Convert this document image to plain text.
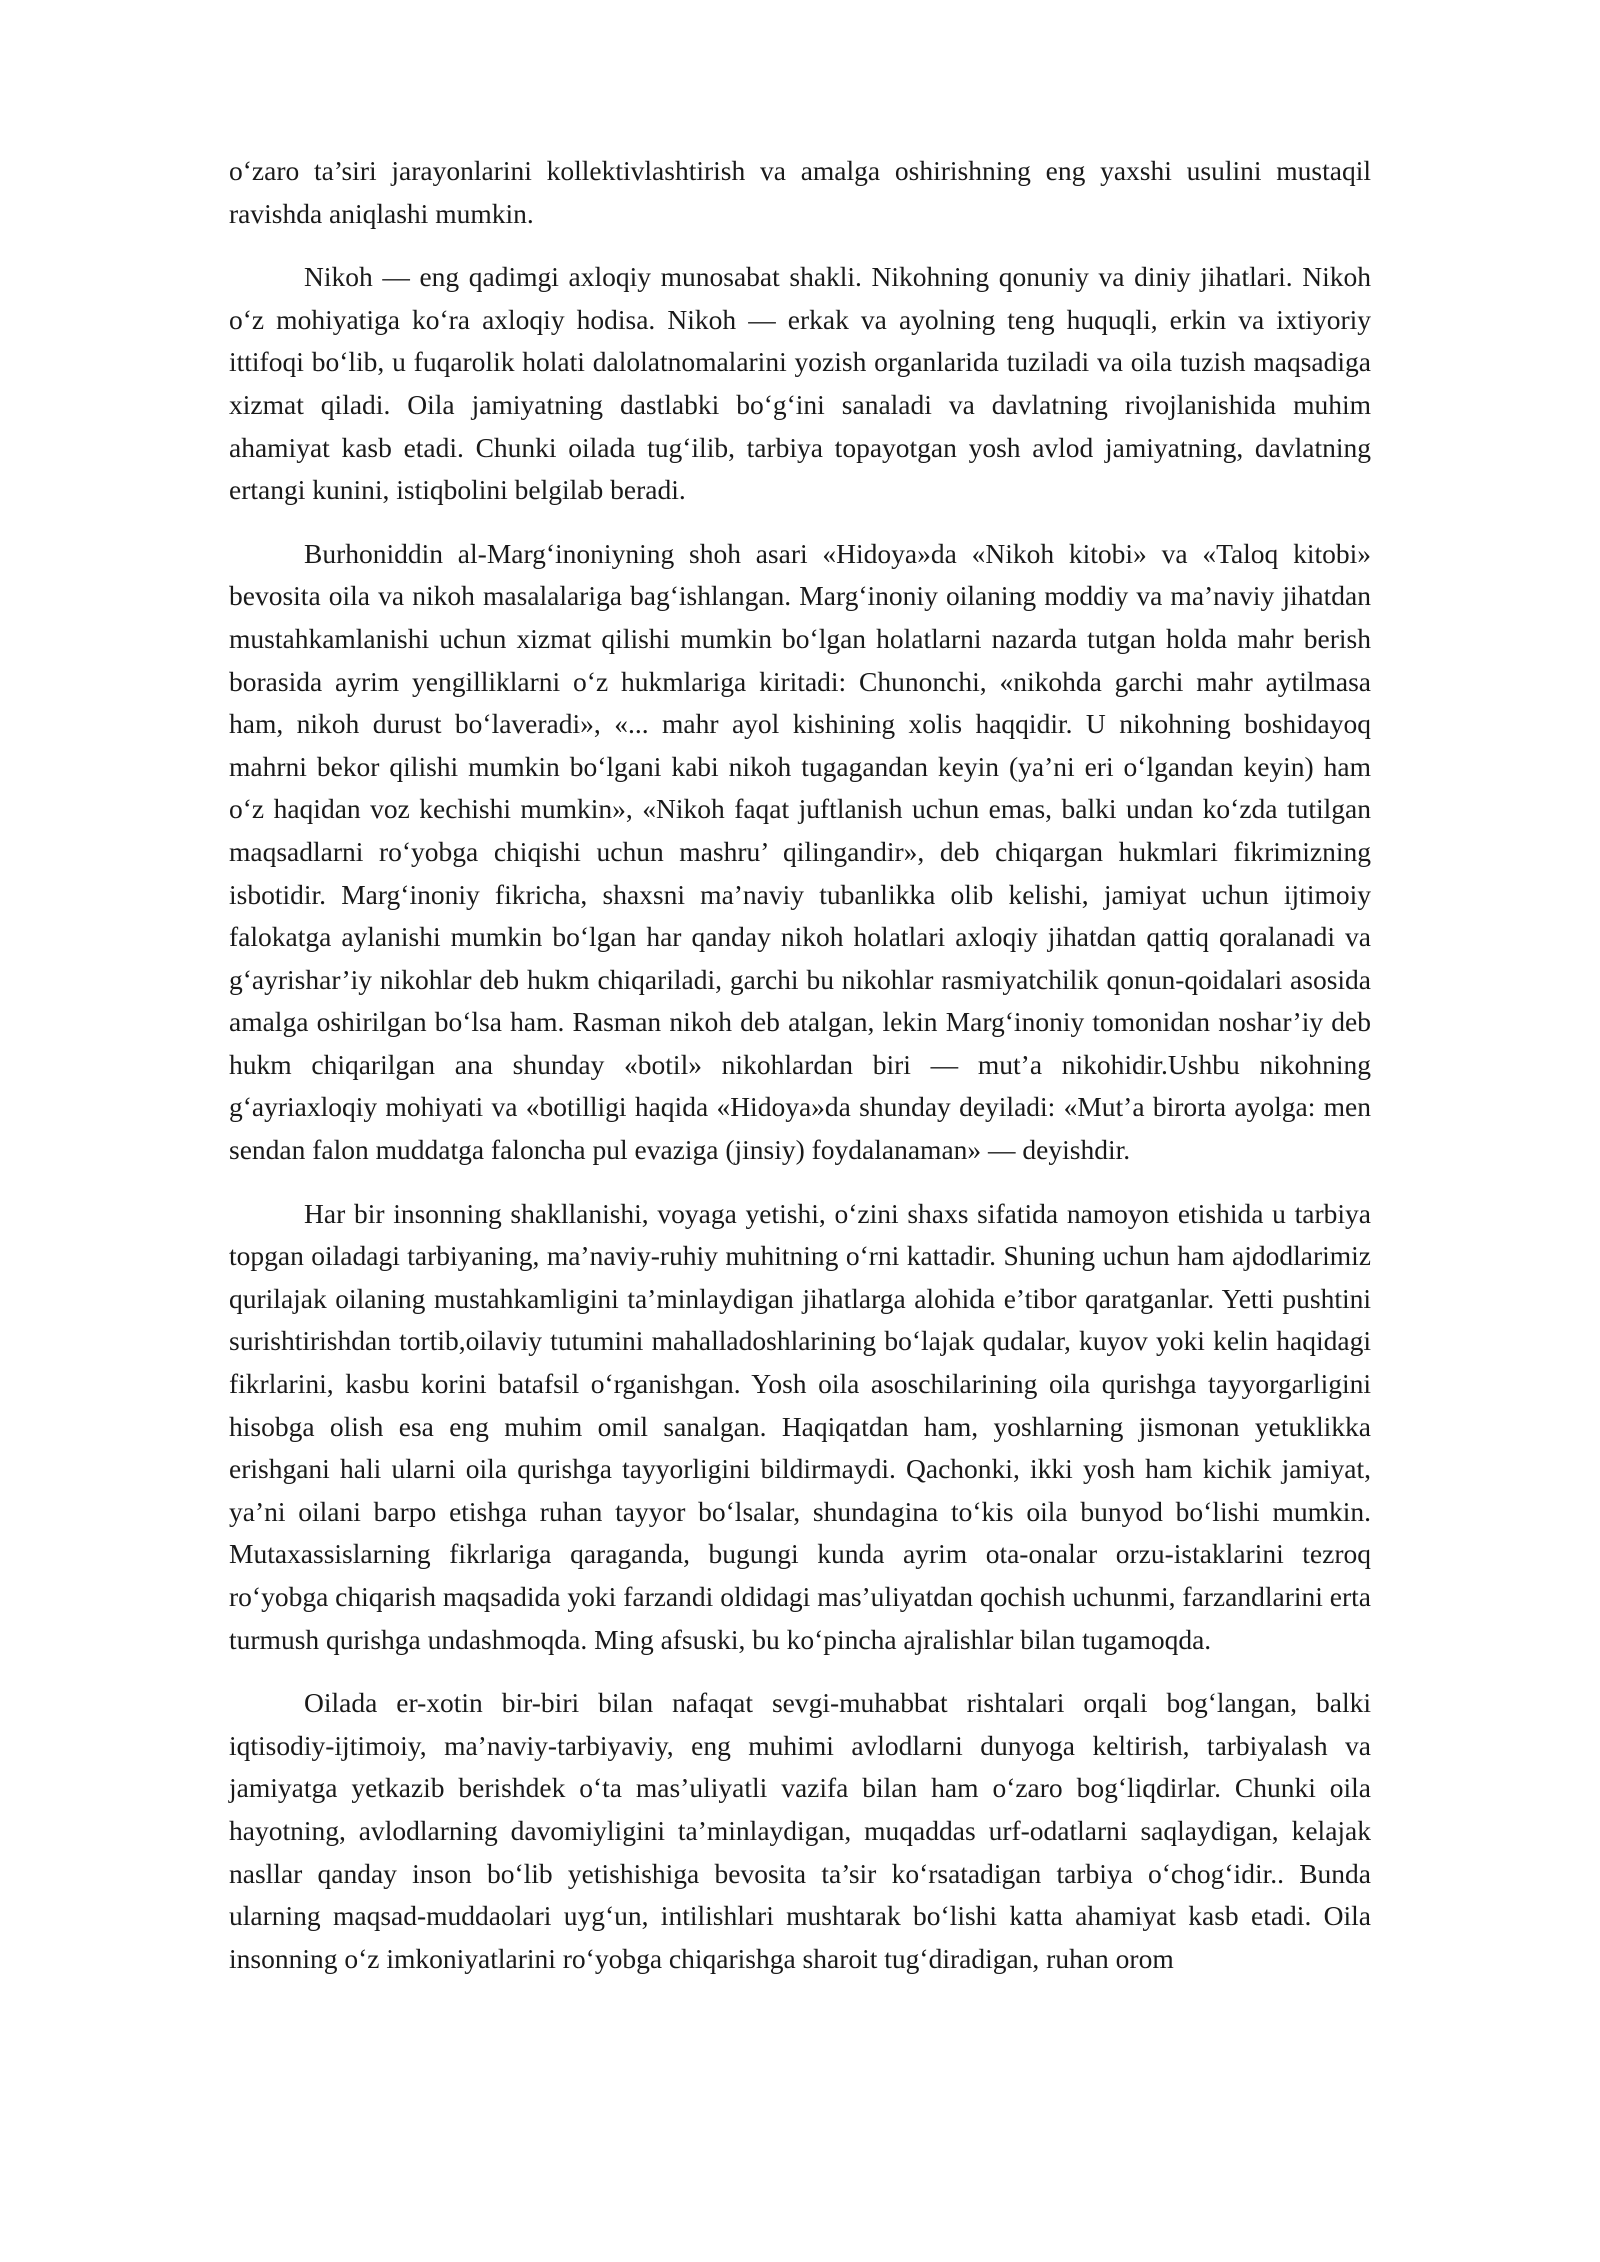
o‘zaro ta’siri jarayonlarini kollektivlashtirish va amalga oshirishning eng yaxshi usulini mustaqil ravishda aniqlashi mumkin.

Nikoh — eng qadimgi axloqiy munosabat shakli. Nikohning qonuniy va diniy jihatlari. Nikoh o‘z mohiyatiga ko‘ra axloqiy hodisa. Nikoh — erkak va ayolning teng huquqli, erkin va ixtiyoriy ittifoqi bo‘lib, u fuqarolik holati dalolatnomalarini yozish organlarida tuziladi va oila tuzish maqsadiga xizmat qiladi. Oila jamiyatning dastlabki bo‘g‘ini sanaladi va davlatning rivojlanishida muhim ahamiyat kasb etadi. Chunki oilada tug‘ilib, tarbiya topayotgan yosh avlod jamiyatning, davlatning ertangi kunini, istiqbolini belgilab beradi.

Burhoniddin al-Marg‘inoniyning shoh asari «Hidoya»da «Nikoh kitobi» va «Taloq kitobi» bevosita oila va nikoh masalalariga bag‘ishlangan. Marg‘inoniy oilaning moddiy va ma’naviy jihatdan mustahkamlanishi uchun xizmat qilishi mumkin bo‘lgan holatlarni nazarda tutgan holda mahr berish borasida ayrim yengilliklarni o‘z hukmlariga kiritadi: Chunonchi, «nikohda garchi mahr aytilmasa ham, nikoh durust bo‘laveradi», «... mahr ayol kishining xolis haqqidir. U nikohning boshidayoq mahrni bekor qilishi mumkin bo‘lgani kabi nikoh tugagandan keyin (ya’ni eri o‘lgandan keyin) ham o‘z haqidan voz kechishi mumkin», «Nikoh faqat juftlanish uchun emas, balki undan ko‘zda tutilgan maqsadlarni ro‘yobga chiqishi uchun mashru’ qilingandir», deb chiqargan hukmlari fikrimizning isbotidir. Marg‘inoniy fikricha, shaxsni ma’naviy tubanlikka olib kelishi, jamiyat uchun ijtimoiy falokatga aylanishi mumkin bo‘lgan har qanday nikoh holatlari axloqiy jihatdan qattiq qoralanadi va g‘ayrishar’iy nikohlar deb hukm chiqariladi, garchi bu nikohlar rasmiyatchilik qonun-qoidalari asosida amalga oshirilgan bo‘lsa ham. Rasman nikoh deb atalgan, lekin Marg‘inoniy tomonidan noshar’iy deb hukm chiqarilgan ana shunday «botil» nikohlardan biri — mut’a nikohidir.Ushbu nikohning g‘ayriaxloqiy mohiyati va «botilligi haqida «Hidoya»da shunday deyiladi: «Mut’a birorta ayolga: men sendan falon muddatga faloncha pul evaziga (jinsiy) foydalanaman» — deyishdir.

Har bir insonning shakllanishi, voyaga yetishi, o‘zini shaxs sifatida namoyon etishida u tarbiya topgan oiladagi tarbiyaning, ma’naviy-ruhiy muhitning o‘rni kattadir. Shuning uchun ham ajdodlarimiz qurilajak oilaning mustahkamligini ta’minlaydigan jihatlarga alohida e’tibor qaratganlar. Yetti pushtini surishtirishdan tortib,oilaviy tutumini mahalladoshlarining bo‘lajak qudalar, kuyov yoki kelin haqidagi fikrlarini, kasbu korini batafsil o‘rganishgan. Yosh oila asoschilarining oila qurishga tayyorgarligini hisobga olish esa eng muhim omil sanalgan. Haqiqatdan ham, yoshlarning jismonan yetuklikka erishgani hali ularni oila qurishga tayyorligini bildirmaydi. Qachonki, ikki yosh ham kichik jamiyat, ya’ni oilani barpo etishga ruhan tayyor bo‘lsalar, shundagina to‘kis oila bunyod bo‘lishi mumkin. Mutaxassislarning fikrlariga qaraganda, bugungi kunda ayrim ota-onalar orzu-istaklarini tezroq ro‘yobga chiqarish maqsadida yoki farzandi oldidagi mas’uliyatdan qochish uchunmi, farzandlarini erta turmush qurishga undashmoqda. Ming afsuski, bu ko‘pincha ajralishlar bilan tugamoqda.

Oilada er-xotin bir-biri bilan nafaqat sevgi-muhabbat rishtalari orqali bog‘langan, balki iqtisodiy-ijtimoiy, ma’naviy-tarbiyaviy, eng muhimi avlodlarni dunyoga keltirish, tarbiyalash va jamiyatga yetkazib berishdek o‘ta mas’uliyatli vazifa bilan ham o‘zaro bog‘liqdirlar. Chunki oila hayotning, avlodlarning davomiyligini ta’minlaydigan, muqaddas urf-odatlarni saqlaydigan, kelajak nasllar qanday inson bo‘lib yetishishiga bevosita ta’sir ko‘rsatadigan tarbiya o‘chog‘idir.. Bunda ularning maqsad-muddaolari uyg‘un, intilishlari mushtarak bo‘lishi katta ahamiyat kasb etadi. Oila insonning o‘z imkoniyatlarini ro‘yobga chiqarishga sharoit tug‘diradigan, ruhan orom
